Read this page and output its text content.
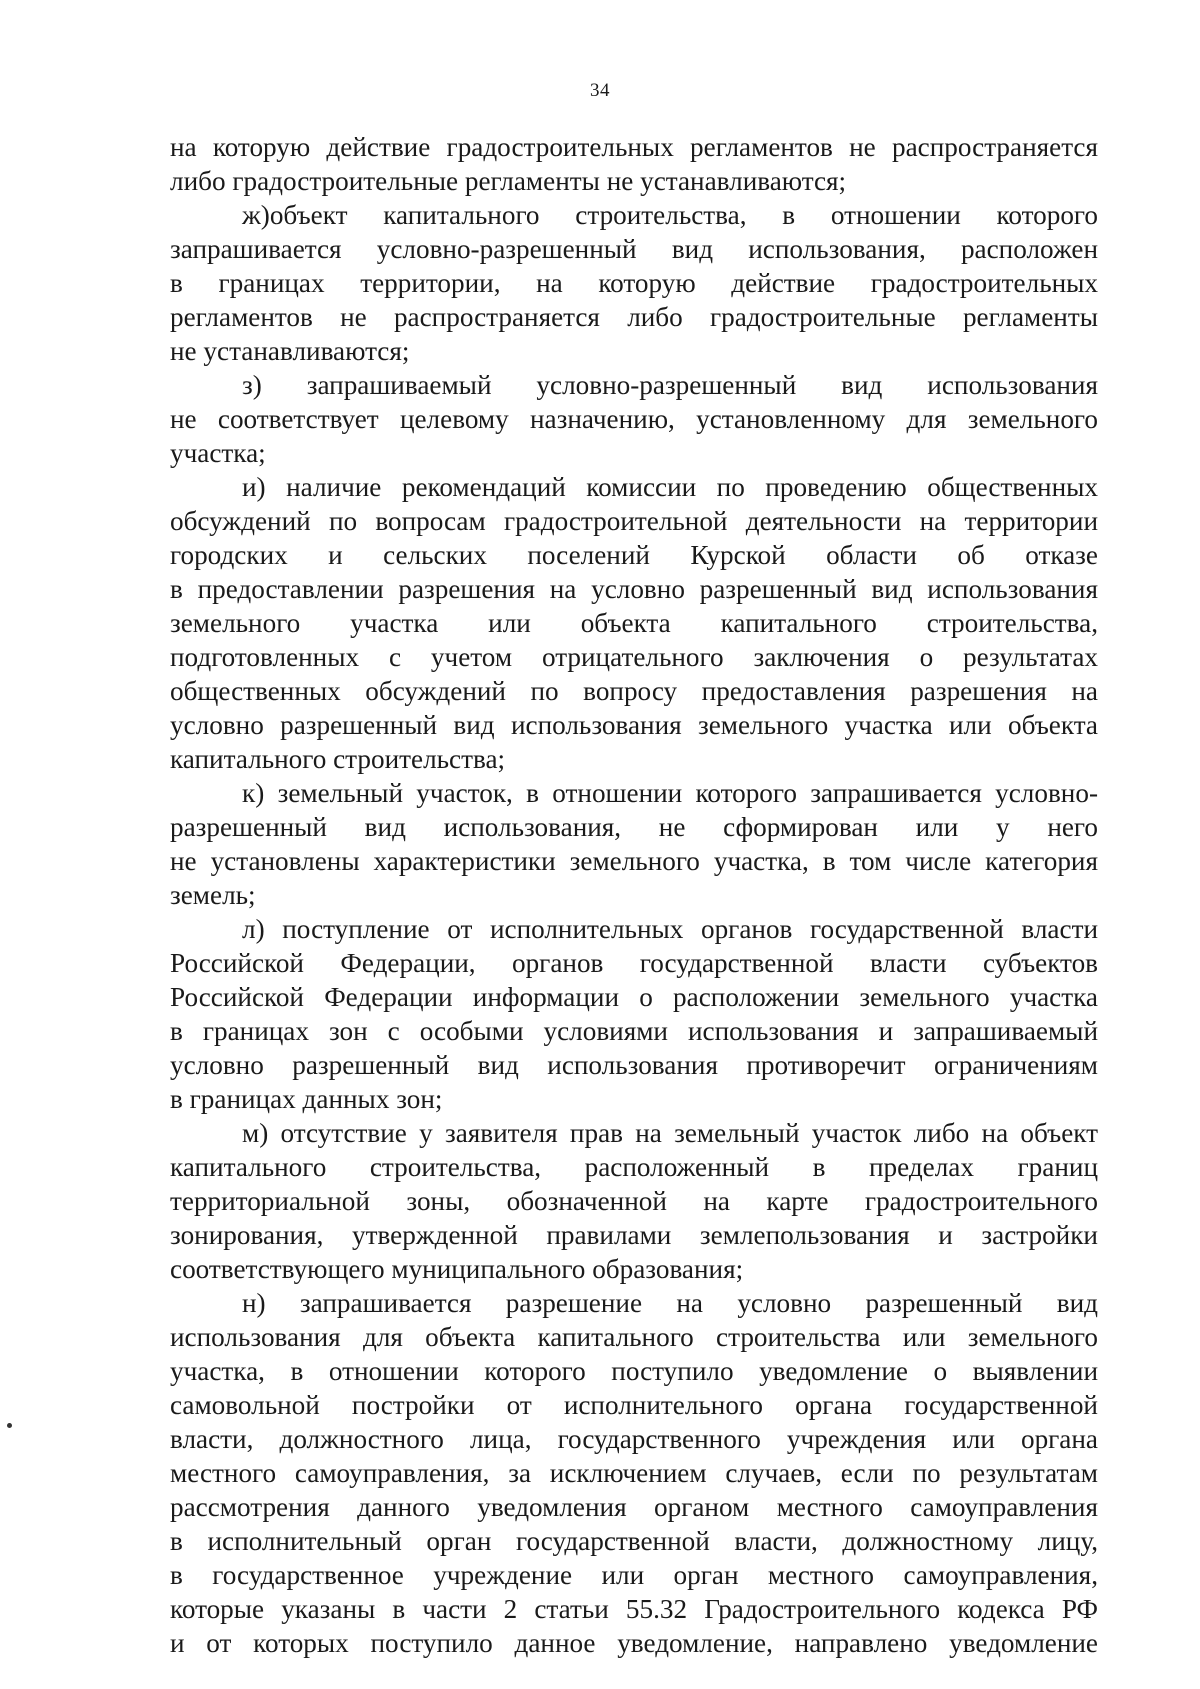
34
на которую действие градостроительных регламентов не распространяется
либо градостроительные регламенты не устанавливаются;
ж)объект капитального строительства, в отношении которого
запрашивается условно-разрешенный вид использования, расположен
в границах территории, на которую действие градостроительных
регламентов не распространяется либо градостроительные регламенты
не устанавливаются;
з) запрашиваемый условно-разрешенный вид использования
не соответствует целевому назначению, установленному для земельного
участка;
и) наличие рекомендаций комиссии по проведению общественных
обсуждений по вопросам градостроительной деятельности на территории
городских и сельских поселений Курской области об отказе
в предоставлении разрешения на условно разрешенный вид использования
земельного участка или объекта капитального строительства,
подготовленных с учетом отрицательного заключения о результатах
общественных обсуждений по вопросу предоставления разрешения на
условно разрешенный вид использования земельного участка или объекта
капитального строительства;
к) земельный участок, в отношении которого запрашивается условно-
разрешенный вид использования, не сформирован или у него
не установлены характеристики земельного участка, в том числе категория
земель;
л) поступление от исполнительных органов государственной власти
Российской Федерации, органов государственной власти субъектов
Российской Федерации информации о расположении земельного участка
в границах зон с особыми условиями использования и запрашиваемый
условно разрешенный вид использования противоречит ограничениям
в границах данных зон;
м) отсутствие у заявителя прав на земельный участок либо на объект
капитального строительства, расположенный в пределах границ
территориальной зоны, обозначенной на карте градостроительного
зонирования, утвержденной правилами землепользования и застройки
соответствующего муниципального образования;
н) запрашивается разрешение на условно разрешенный вид
использования для объекта капитального строительства или земельного
участка, в отношении которого поступило уведомление о выявлении
самовольной постройки от исполнительного органа государственной
власти, должностного лица, государственного учреждения или органа
местного самоуправления, за исключением случаев, если по результатам
рассмотрения данного уведомления органом местного самоуправления
в исполнительный орган государственной власти, должностному лицу,
в государственное учреждение или орган местного самоуправления,
которые указаны в части 2 статьи 55.32 Градостроительного кодекса РФ
и от которых поступило данное уведомление, направлено уведомление
